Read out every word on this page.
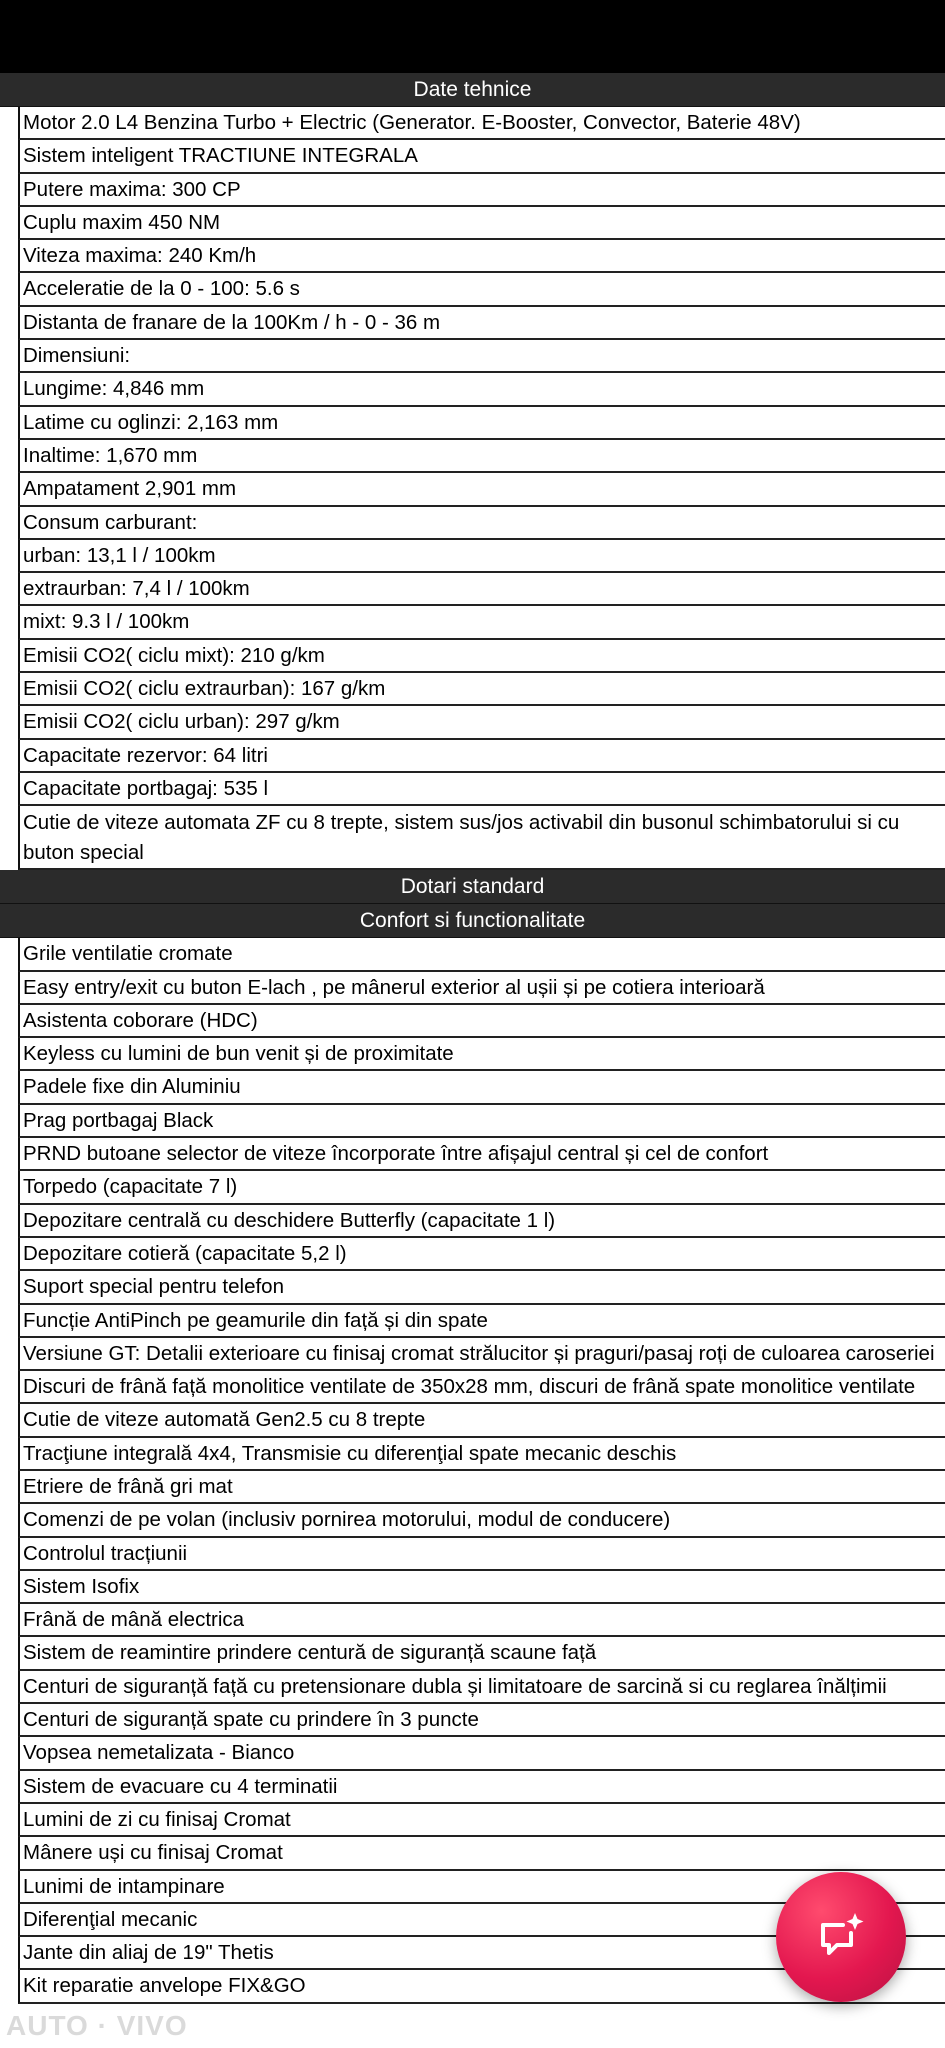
Date tehnice
Motor 2.0 L4 Benzina Turbo + Electric (Generator. E-Booster, Convector, Baterie 48V)
Sistem inteligent TRACTIUNE INTEGRALA
Putere maxima: 300 CP
Cuplu maxim 450 NM
Viteza maxima: 240 Km/h
Acceleratie de la 0 - 100: 5.6 s
Distanta de franare de la 100Km / h - 0 - 36 m
Dimensiuni:
Lungime: 4,846 mm
Latime cu oglinzi: 2,163 mm
Inaltime: 1,670 mm
Ampatament 2,901 mm
Consum carburant:
urban: 13,1 l / 100km
extraurban: 7,4 l / 100km
mixt: 9.3 l / 100km
Emisii CO2( ciclu mixt): 210 g/km
Emisii CO2( ciclu extraurban): 167 g/km
Emisii CO2( ciclu urban): 297 g/km
Capacitate rezervor: 64 litri
Capacitate portbagaj: 535 l
Cutie de viteze automata ZF cu 8 trepte, sistem sus/jos activabil din busonul schimbatorului si cu buton special
Dotari standard
Confort si functionalitate
Grile ventilatie cromate
Easy entry/exit cu buton E-lach , pe mânerul exterior al ușii și pe cotiera interioară
Asistenta coborare (HDC)
Keyless cu lumini de bun venit și de proximitate
Padele fixe din Aluminiu
Prag portbagaj Black
PRND butoane selector de viteze încorporate între afișajul central și cel de confort
Torpedo (capacitate 7 l)
Depozitare centrală cu deschidere Butterfly (capacitate 1 l)
Depozitare cotieră (capacitate 5,2 l)
Suport special pentru telefon
Funcție AntiPinch pe geamurile din față și din spate
Versiune GT: Detalii exterioare cu finisaj cromat strălucitor și praguri/pasaj roți de culoarea caroseriei
Discuri de frână față monolitice ventilate de 350x28 mm, discuri de frână spate monolitice ventilate
Cutie de viteze automată Gen2.5 cu 8 trepte
Tracţiune integrală 4x4, Transmisie cu diferenţial spate mecanic deschis
Etriere de frână gri mat
Comenzi de pe volan (inclusiv pornirea motorului, modul de conducere)
Controlul tracțiunii
Sistem Isofix
Frână de mână electrica
Sistem de reamintire prindere centură de siguranță scaune față
Centuri de siguranță față cu pretensionare dubla și limitatoare de sarcină si cu reglarea înălțimii
Centuri de siguranță spate cu prindere în 3 puncte
Vopsea nemetalizata - Bianco
Sistem de evacuare cu 4 terminatii
Lumini de zi cu finisaj Cromat
Mânere uși cu finisaj Cromat
Lunimi de intampinare
Diferenţial mecanic
Jante din aliaj de 19" Thetis
Kit reparatie anvelope FIX&GO
AUTO · VIVO
